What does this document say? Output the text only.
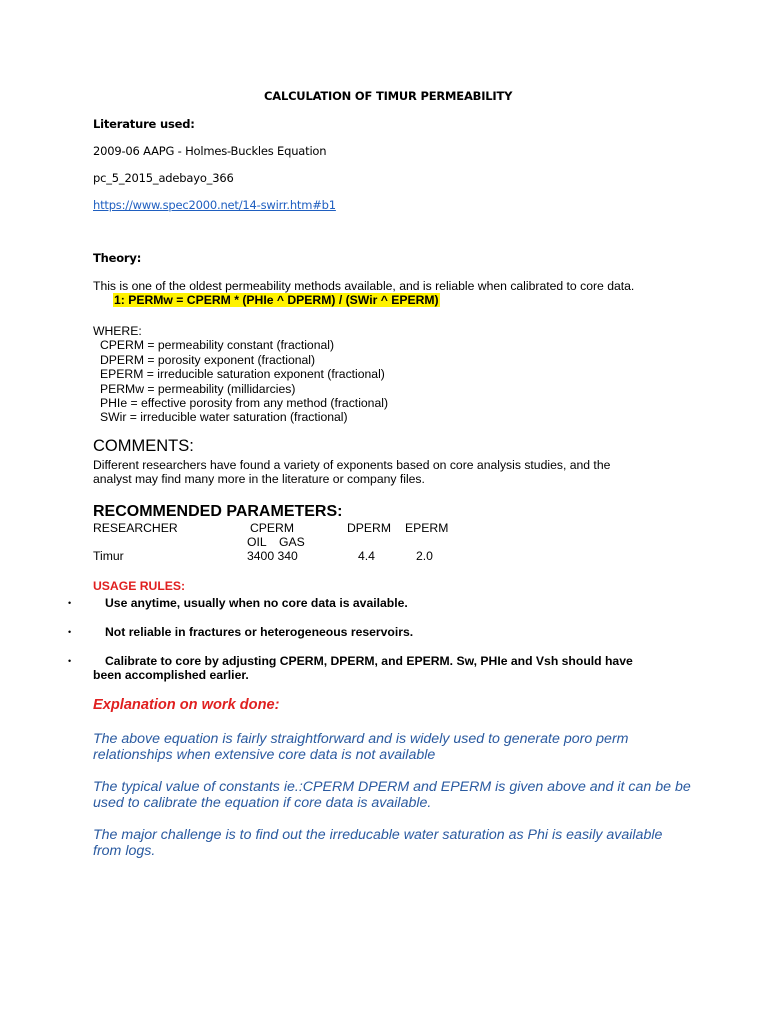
CALCULATION OF TIMUR PERMEABILITY
Literature used:
2009-06 AAPG - Holmes-Buckles Equation
pc_5_2015_adebayo_366
https://www.spec2000.net/14-swirr.htm#b1
Theory:
This is one of the oldest permeability methods available, and is reliable when calibrated to core data.
1: PERMw = CPERM * (PHIe ^ DPERM) / (SWir ^ EPERM)
WHERE:
CPERM = permeability constant (fractional)
DPERM = porosity exponent (fractional)
EPERM = irreducible saturation exponent (fractional)
PERMw = permeability (millidarcies)
PHIe = effective porosity from any method (fractional)
SWir = irreducible water saturation (fractional)
COMMENTS:
Different researchers have found a variety of exponents based on core analysis studies, and the
analyst may find many more in the literature or company files.
RECOMMENDED PARAMETERS:
RESEARCHER	CPERM	DPERM EPERM
OIL GAS
Timur	3400 340	4.4	2.0
USAGE RULES:
•	Use anytime, usually when no core data is available.
•	Not reliable in fractures or heterogeneous reservoirs.
•	Calibrate to core by adjusting CPERM, DPERM, and EPERM. Sw, PHIe and Vsh should have
been accomplished earlier.
Explanation on work done:
The above equation is fairly straightforward and is widely used to generate poro perm relationships when extensive core data is not available
The typical value of constants ie.:CPERM DPERM and EPERM is given above and it can be be used to calibrate the equation if core data is available.
The major challenge is to find out the irreducable water saturation as Phi is easily available from logs.
